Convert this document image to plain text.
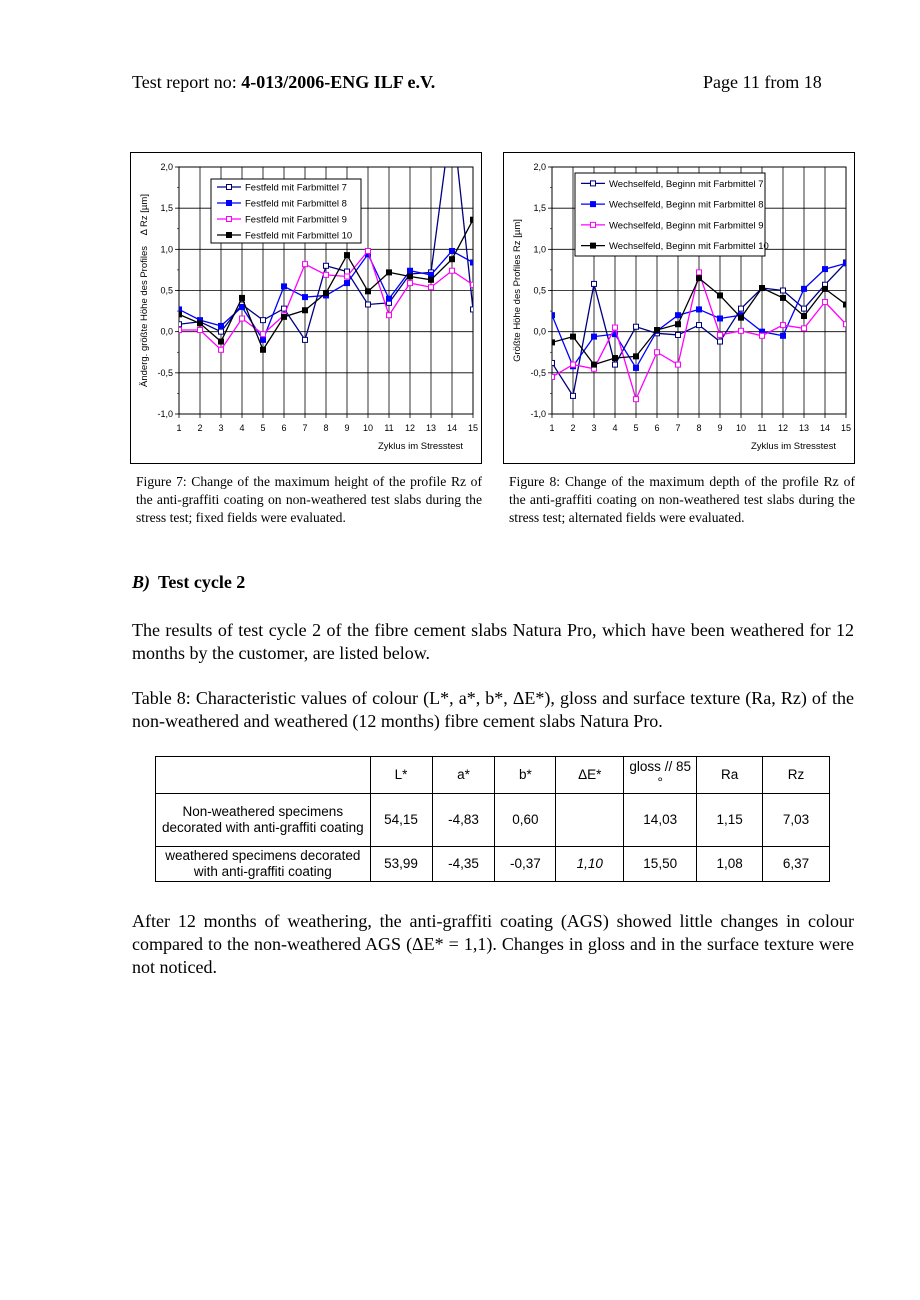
Test report no: 4-013/2006-ENG ILF e.V.	Page 11 from 18
2,0
1,5
1,0
0,5
0,0
-0,5
-1,0
1 2 3 4 5 6 7 8 9 10 11 12 13 14 15
Festfeld mit Farbmittel 7
Festfeld mit Farbmittel 8
Festfeld mit Farbmittel 9
Festfeld mit Farbmittel 10
Zyklus im Stresstest
Änderg. größte Höhe des Profiles    Δ Rz [µm]
2,0
1,5
1,0
0,5
0,0
-0,5
-1,0
1 2 3 4 5 6 7 8 9 10 11 12 13 14 15
Wechselfeld, Beginn mit Farbmittel 7
Wechselfeld, Beginn mit Farbmittel 8
Wechselfeld, Beginn mit Farbmittel 9
Wechselfeld, Beginn mit Farbmittel 10
Zyklus im Stresstest
Größte Höhe des Profiles Rz [µm]
Figure 7: Change of the maximum height of the profile Rz of the anti-graffiti coating on non-weathered test slabs during the stress test; fixed fields were evaluated.
Figure 8: Change of the maximum depth of the profile Rz of the anti-graffiti coating on non-weathered test slabs during the stress test; alternated fields were evaluated.
B) Test cycle 2
The results of test cycle 2 of the fibre cement slabs Natura Pro, which have been weathered for 12 months by the customer, are listed below.
Table 8: Characteristic values of colour (L*, a*, b*, ΔE*), gloss and surface texture (Ra, Rz) of the non-weathered and weathered (12 months) fibre cement slabs Natura Pro.
	L*	a*	b*	ΔE*	gloss // 85 °	Ra	Rz
Non-weathered specimens decorated with anti-graffiti coating	54,15	-4,83	0,60		14,03	1,15	7,03
weathered specimens decorated with anti-graffiti coating	53,99	-4,35	-0,37	1,10	15,50	1,08	6,37
After 12 months of weathering, the anti-graffiti coating (AGS) showed little changes in colour compared to the non-weathered AGS (ΔE* = 1,1). Changes in gloss and in the surface texture were not noticed.
